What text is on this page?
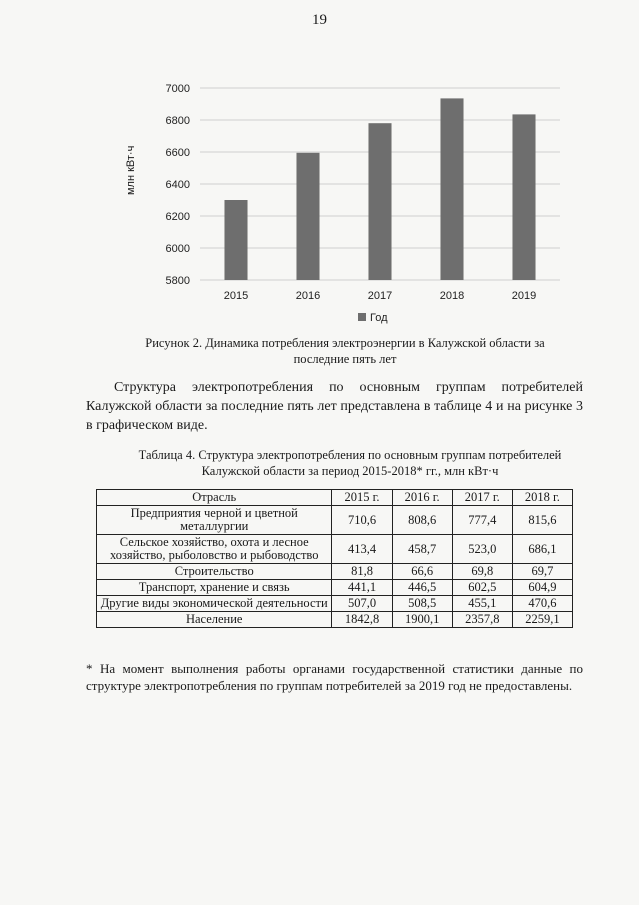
19
млн кВт·ч
5800
6000
6200
6400
6600
6800
7000
2015	2016	2017	2018	2019
Год
Рисунок 2. Динамика потребления электроэнергии в Калужской области за последние пять лет

Структура электропотребления по основным группам потребителей Калужской области за последние пять лет представлена в таблице 4 и на рисунке 3 в графическом виде.

Таблица 4. Структура электропотребления по основным группам потребителей Калужской области за период 2015-2018* гг., млн кВт·ч
Отрасль	2015 г.	2016 г.	2017 г.	2018 г.
Предприятия черной и цветной металлургии	710,6	808,6	777,4	815,6
Сельское хозяйство, охота и лесное хозяйство, рыболовство и рыбоводство	413,4	458,7	523,0	686,1
Строительство	81,8	66,6	69,8	69,7
Транспорт, хранение и связь	441,1	446,5	602,5	604,9
Другие виды экономической деятельности	507,0	508,5	455,1	470,6
Население	1842,8	1900,1	2357,8	2259,1
* На момент выполнения работы органами государственной статистики данные по структуре электропотребления по группам потребителей за 2019 год не предоставлены.
